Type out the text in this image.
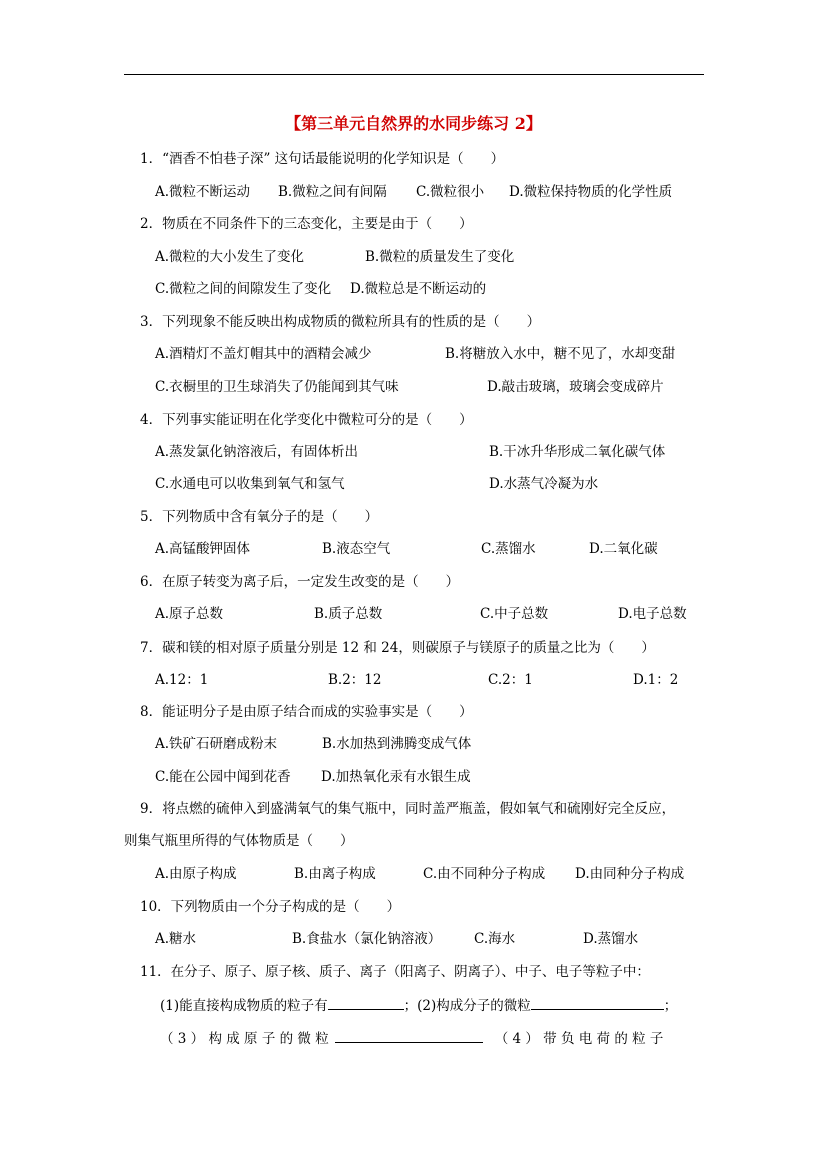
【第三单元自然界的水同步练习 2】
1．“酒香不怕巷子深” 这句话最能说明的化学知识是（　　）
A.微粒不断运动 B.微粒之间有间隔 C.微粒很小 D.微粒保持物质的化学性质
2．物质在不同条件下的三态变化，主要是由于（　　）
A.微粒的大小发生了变化	B.微粒的质量发生了变化
C.微粒之间的间隙发生了变化 D.微粒总是不断运动的
3．下列现象不能反映出构成物质的微粒所具有的性质的是（　　）
A.酒精灯不盖灯帽其中的酒精会减少	B.将糖放入水中，糖不见了，水却变甜
C.衣橱里的卫生球消失了仍能闻到其气味	D.敲击玻璃，玻璃会变成碎片
4．下列事实能证明在化学变化中微粒可分的是（　　）
A.蒸发氯化钠溶液后，有固体析出	B.干冰升华形成二氧化碳气体
C.水通电可以收集到氧气和氢气	D.水蒸气冷凝为水
5．下列物质中含有氧分子的是（　　）
A.高锰酸钾固体	B.液态空气	C.蒸馏水	D.二氧化碳
6．在原子转变为离子后，一定发生改变的是（　　）
A.原子总数	B.质子总数	C.中子总数	D.电子总数
7．碳和镁的相对原子质量分别是 12 和 24，则碳原子与镁原子的质量之比为（　　）
A.12：1	B.2：12	C.2：1	D.1：2
8．能证明分子是由原子结合而成的实验事实是（　　）
A.铁矿石研磨成粉末	B.水加热到沸腾变成气体
C.能在公园中闻到花香 D.加热氧化汞有水银生成
9．将点燃的硫伸入到盛满氧气的集气瓶中，同时盖严瓶盖，假如氧气和硫刚好完全反应，
则集气瓶里所得的气体物质是（　　）
A.由原子构成	B.由离子构成	C.由不同种分子构成 D.由同种分子构成
10．下列物质由一个分子构成的是（　　）
A.糖水	B.食盐水（氯化钠溶液） C.海水	D.蒸馏水
11．在分子、原子、原子核、质子、离子（阳离子、阴离子）、中子、电子等粒子中：
(1)能直接构成物质的粒子有	；(2)构成分子的微粒	；
（ 3 ） 构 成 原 子 的 微 粒	（ 4 ） 带 负 电 荷 的 粒 子
